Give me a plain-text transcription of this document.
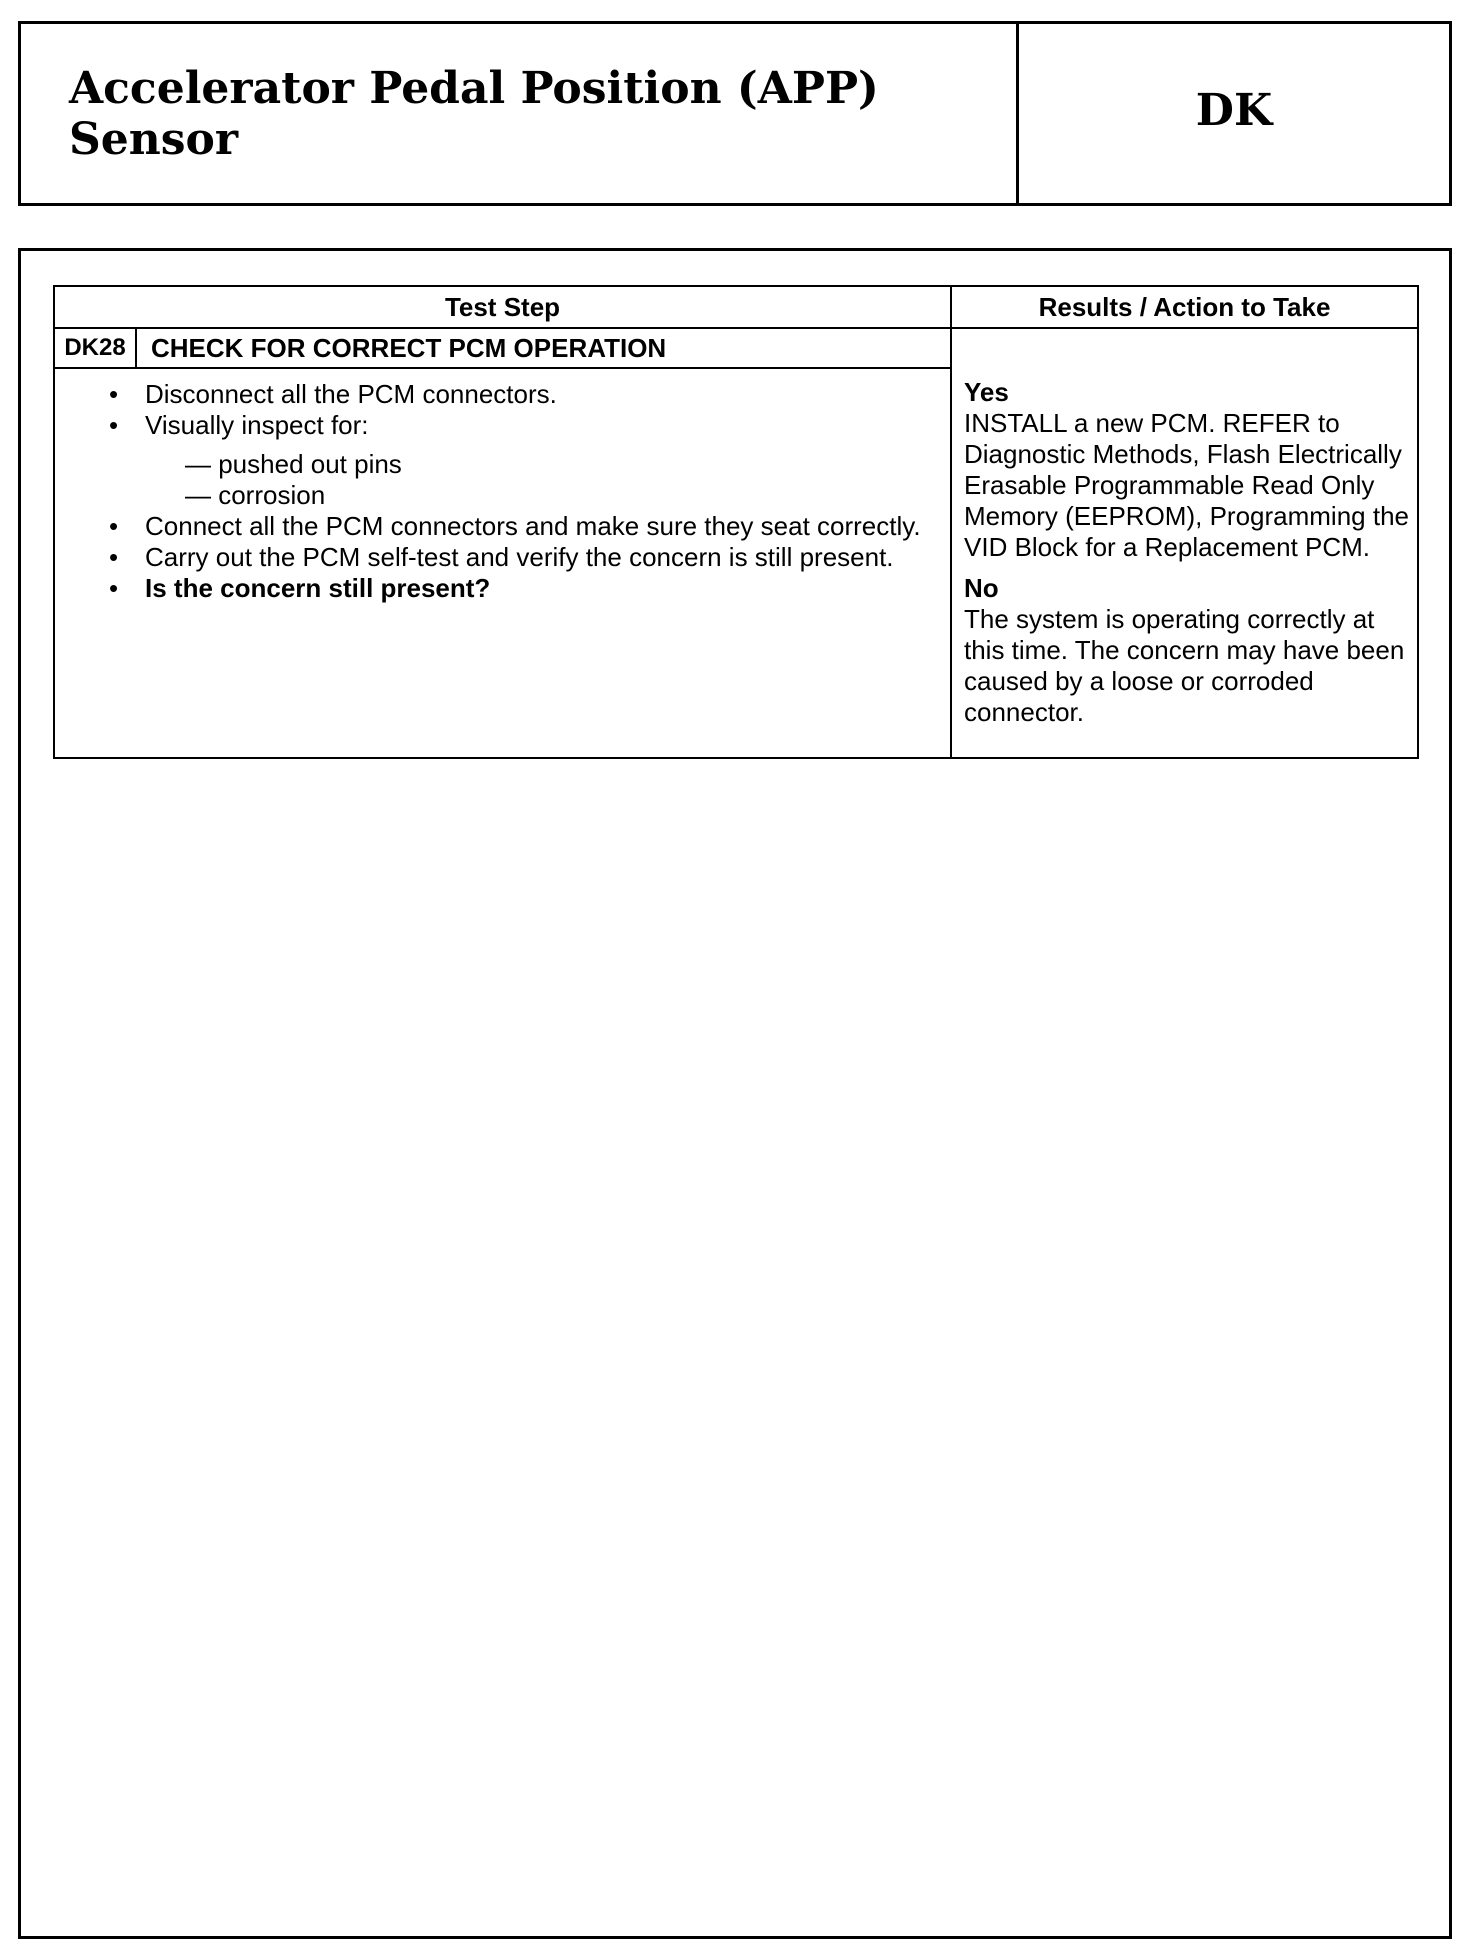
Accelerator Pedal Position (APP) Sensor
DK
Test Step	Results / Action to Take
DK28 CHECK FOR CORRECT PCM OPERATION
• Disconnect all the PCM connectors.
• Visually inspect for:
— pushed out pins
— corrosion
• Connect all the PCM connectors and make sure they seat correctly.
• Carry out the PCM self-test and verify the concern is still present.
• Is the concern still present?
Yes
INSTALL a new PCM. REFER to Diagnostic Methods, Flash Electrically Erasable Programmable Read Only Memory (EEPROM), Programming the VID Block for a Replacement PCM.
No
The system is operating correctly at this time. The concern may have been caused by a loose or corroded connector.
